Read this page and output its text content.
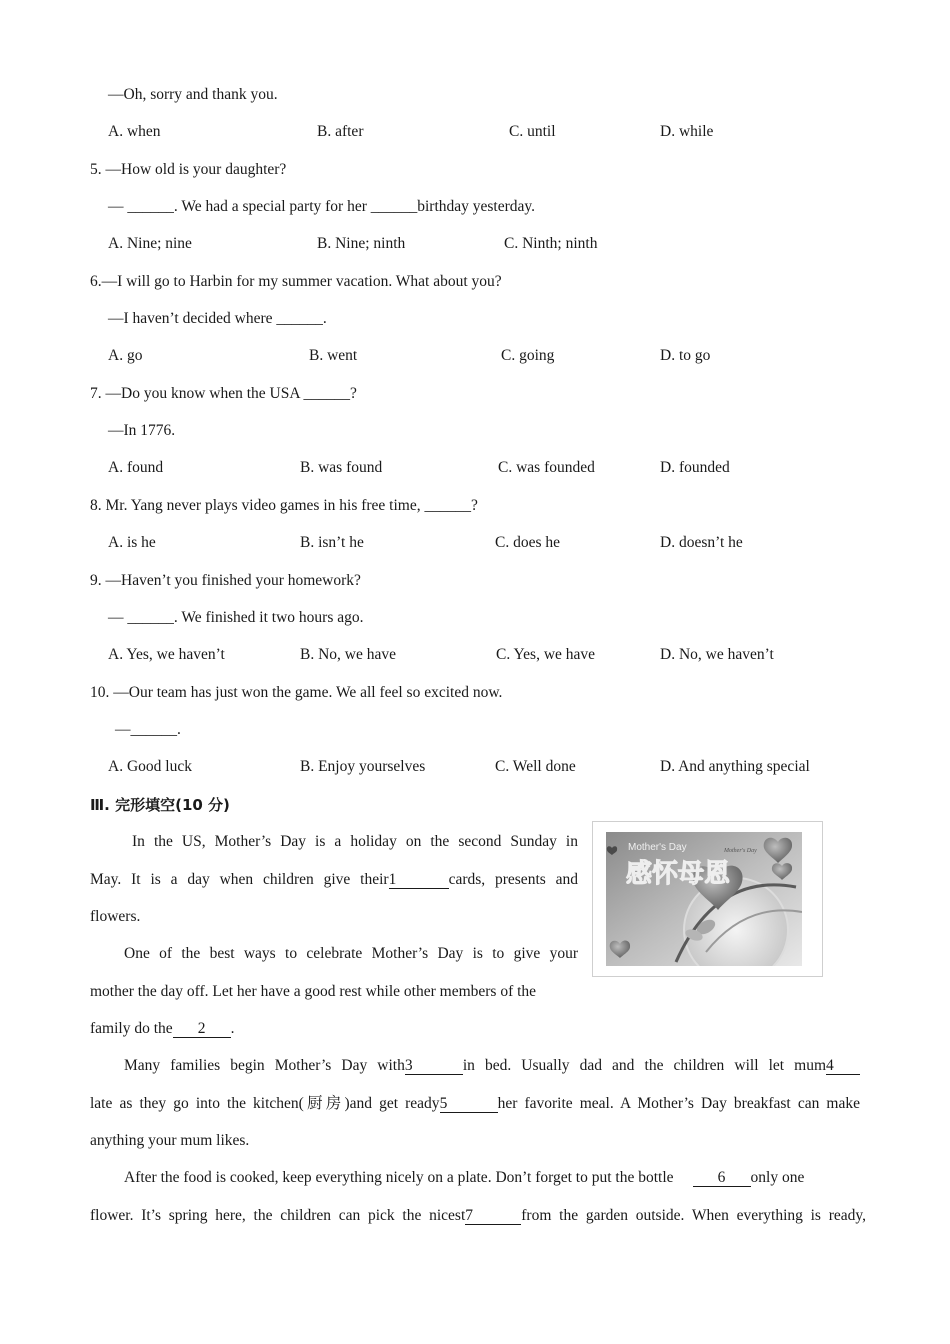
—Oh, sorry and thank you.
A. when	B. after	C. until	D. while
5. —How old is your daughter?
— ______. We had a special party for her ______birthday yesterday.
A. Nine; nine	B. Nine; ninth	C. Ninth; ninth
6.—I will go to Harbin for my summer vacation. What about you?
—I haven’t decided where ______.
A. go	B. went	C. going	D. to go
7. —Do you know when the USA ______?
—In 1776.
A. found	B. was found	C. was founded	D. founded
8. Mr. Yang never plays video games in his free time, ______?
A. is he	B. isn’t he	C. does he	D. doesn’t he
9. —Haven’t you finished your homework?
— ______. We finished it two hours ago.
A. Yes, we haven’t	B. No, we have	C. Yes, we have	D. No, we haven’t
10. —Our team has just won the game. We all feel so excited now.
—______.
A. Good luck	B. Enjoy yourselves	C. Well done	D. And anything special
Ⅲ. 完形填空(10 分)
In the US, Mother’s Day is a holiday on the second Sunday in
May. It is a day when children give their1	cards, presents and
flowers.
One of the best ways to celebrate Mother’s Day is to give your
mother the day off. Let her have a good rest while other members of the
family do the 2 .
Many families begin Mother’s Day with3	in bed. Usually dad and the children will let mum4
late as they go into the kitchen(厨房)and get ready5	her favorite meal. A Mother’s Day breakfast can make
anything your mum likes.
After the food is cooked, keep everything nicely on a plate. Don’t forget to put the bottle	6 only one
flower. It’s spring here, the children can pick the nicest7	from the garden outside. When everything is ready,
Mother's Day	Mother's Day
感怀母恩
